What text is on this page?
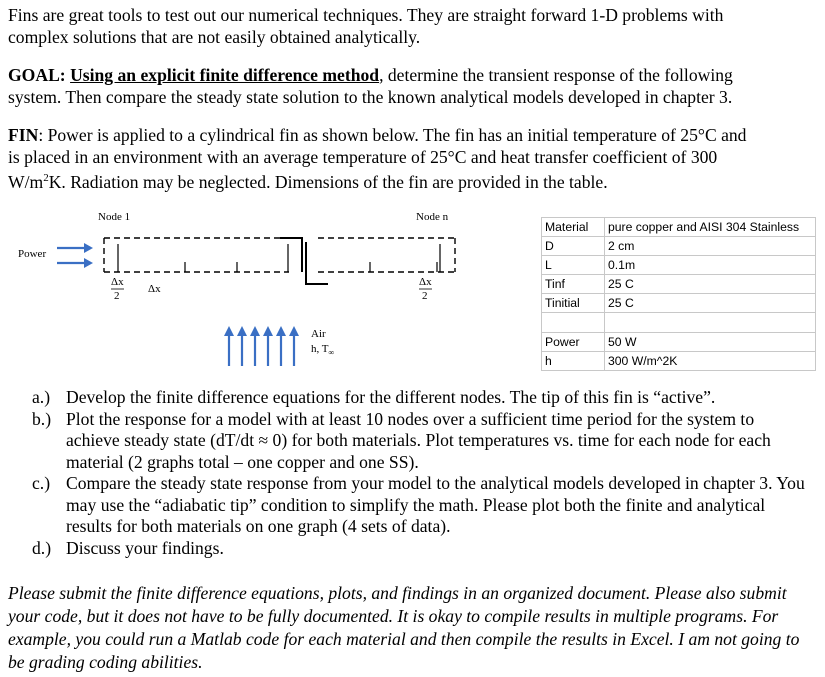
Fins are great tools to test out our numerical techniques. They are straight forward 1-D problems with
complex solutions that are not easily obtained analytically.

GOAL: Using an explicit finite difference method, determine the transient response of the following
system. Then compare the steady state solution to the known analytical models developed in chapter 3.

FIN: Power is applied to a cylindrical fin as shown below. The fin has an initial temperature of 25°C and
is placed in an environment with an average temperature of 25°C and heat transfer coefficient of 300
$W/m^2K$. Radiation may be neglected. Dimensions of the fin are provided in the table.

Node 1	Node n
Power
Δx
2
Δx
Δx
2
Air
h, $T_\infty$
Material	pure copper and AISI 304 Stainless
D	2 cm
L	0.1m
Tinf	25 C
Tinitial	25 C

Power	50 W
h	300 W/m^2K
a.) Develop the finite difference equations for the different nodes. The tip of this fin is “active”.
b.) Plot the response for a model with at least 10 nodes over a sufficient time period for the system to achieve steady state (dT/dt ≈ 0) for both materials. Plot temperatures vs. time for each node for each material (2 graphs total – one copper and one SS).
c.) Compare the steady state response from your model to the analytical models developed in chapter 3. You may use the “adiabatic tip” condition to simplify the math. Please plot both the finite and analytical results for both materials on one graph (4 sets of data).
d.) Discuss your findings.

Please submit the finite difference equations, plots, and findings in an organized document. Please also submit your code, but it does not have to be fully documented. It is okay to compile results in multiple programs. For example, you could run a Matlab code for each material and then compile the results in Excel. I am not going to be grading coding abilities.
